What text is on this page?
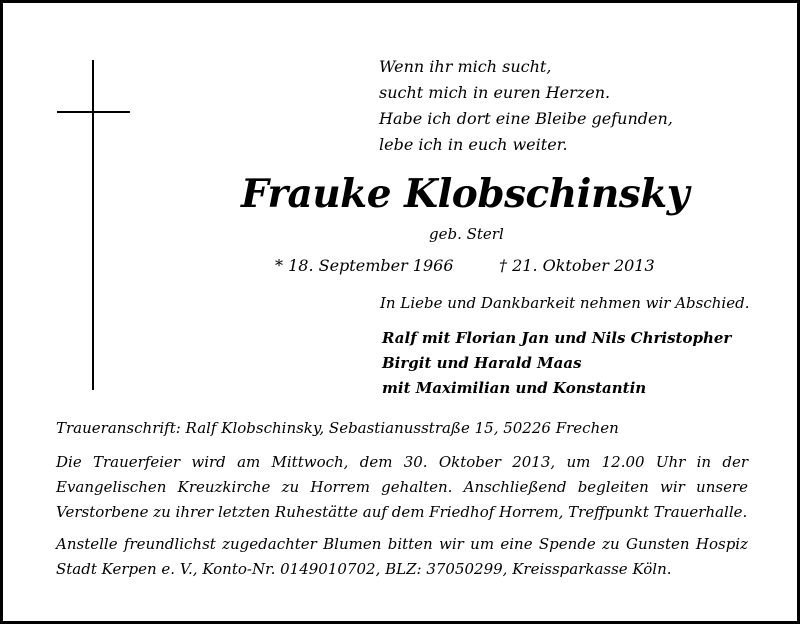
Wenn ihr mich sucht,
sucht mich in euren Herzen.
Habe ich dort eine Bleibe gefunden,
lebe ich in euch weiter.
Frauke Klobschinsky
geb. Sterl
* 18. September 1966	† 21. Oktober 2013
In Liebe und Dankbarkeit nehmen wir Abschied.
Ralf mit Florian Jan und Nils Christopher
Birgit und Harald Maas
mit Maximilian und Konstantin
Traueranschrift: Ralf Klobschinsky, Sebastianusstraße 15, 50226 Frechen
Die Trauerfeier wird am Mittwoch, dem 30. Oktober 2013, um 12.00 Uhr in der Evangelischen Kreuzkirche zu Horrem gehalten. Anschließend begleiten wir unsere Verstorbene zu ihrer letzten Ruhestätte auf dem Friedhof Horrem, Treffpunkt Trauerhalle.
Anstelle freundlichst zugedachter Blumen bitten wir um eine Spende zu Gunsten Hospiz Stadt Kerpen e. V., Konto-Nr. 0149010702, BLZ: 37050299, Kreissparkasse Köln.
